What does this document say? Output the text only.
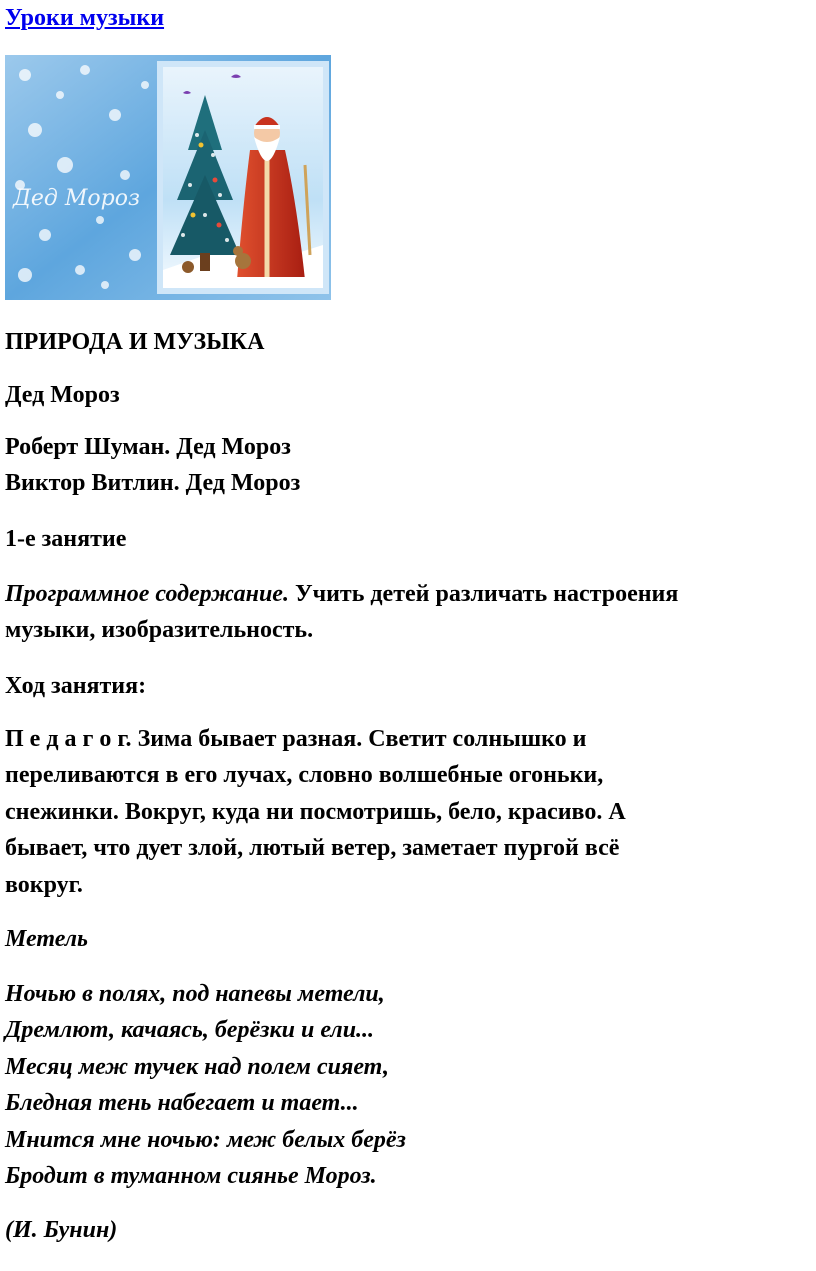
Уроки музыки
Дед Мороз
ПРИРОДА И МУЗЫКА
Дед Мороз
Роберт Шуман. Дед Мороз
Виктор Витлин. Дед Мороз
1-е занятие
Программное содержание. Учить детей различать настроения
музыки, изобразительность.
Ход занятия:
П е д а г о г. Зима бывает разная. Светит солнышко и
переливаются в его лучах, словно волшебные огоньки,
снежинки. Вокруг, куда ни посмотришь, бело, красиво. А
бывает, что дует злой, лютый ветер, заметает пургой всё
вокруг.
Метель
Ночью в полях, под напевы метели,
Дремлют, качаясь, берёзки и ели...
Месяц меж тучек над полем сияет,
Бледная тень набегает и тает...
Мнится мне ночью: меж белых берёз
Бродит в туманном сиянье Мороз.
(И. Бунин)
